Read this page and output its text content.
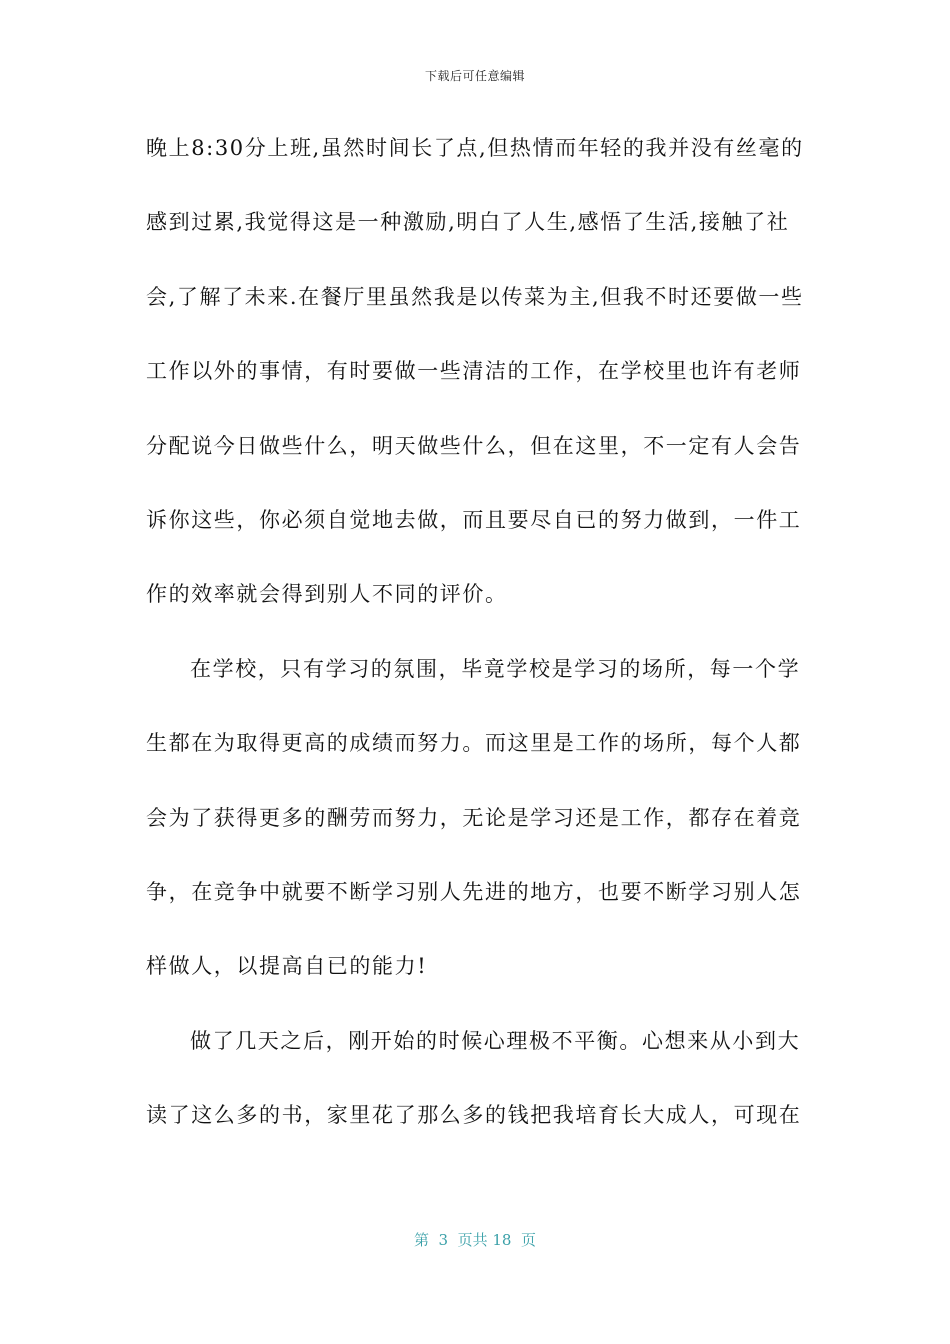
下载后可任意编辑
晚上8:30分上班,虽然时间长了点,但热情而年轻的我并没有丝毫的
感到过累,我觉得这是一种激励,明白了人生,感悟了生活,接触了社
会,了解了未来.在餐厅里虽然我是以传菜为主,但我不时还要做一些
工作以外的事情，有时要做一些清洁的工作，在学校里也许有老师
分配说今日做些什么，明天做些什么，但在这里，不一定有人会告
诉你这些，你必须自觉地去做，而且要尽自已的努力做到，一件工
作的效率就会得到别人不同的评价。
在学校，只有学习的氛围，毕竟学校是学习的场所，每一个学
生都在为取得更高的成绩而努力。而这里是工作的场所，每个人都
会为了获得更多的酬劳而努力，无论是学习还是工作，都存在着竞
争，在竞争中就要不断学习别人先进的地方，也要不断学习别人怎
样做人，以提高自已的能力!
做了几天之后，刚开始的时候心理极不平衡。心想来从小到大
读了这么多的书，家里花了那么多的钱把我培育长大成人，可现在
第  3  页共 18  页
